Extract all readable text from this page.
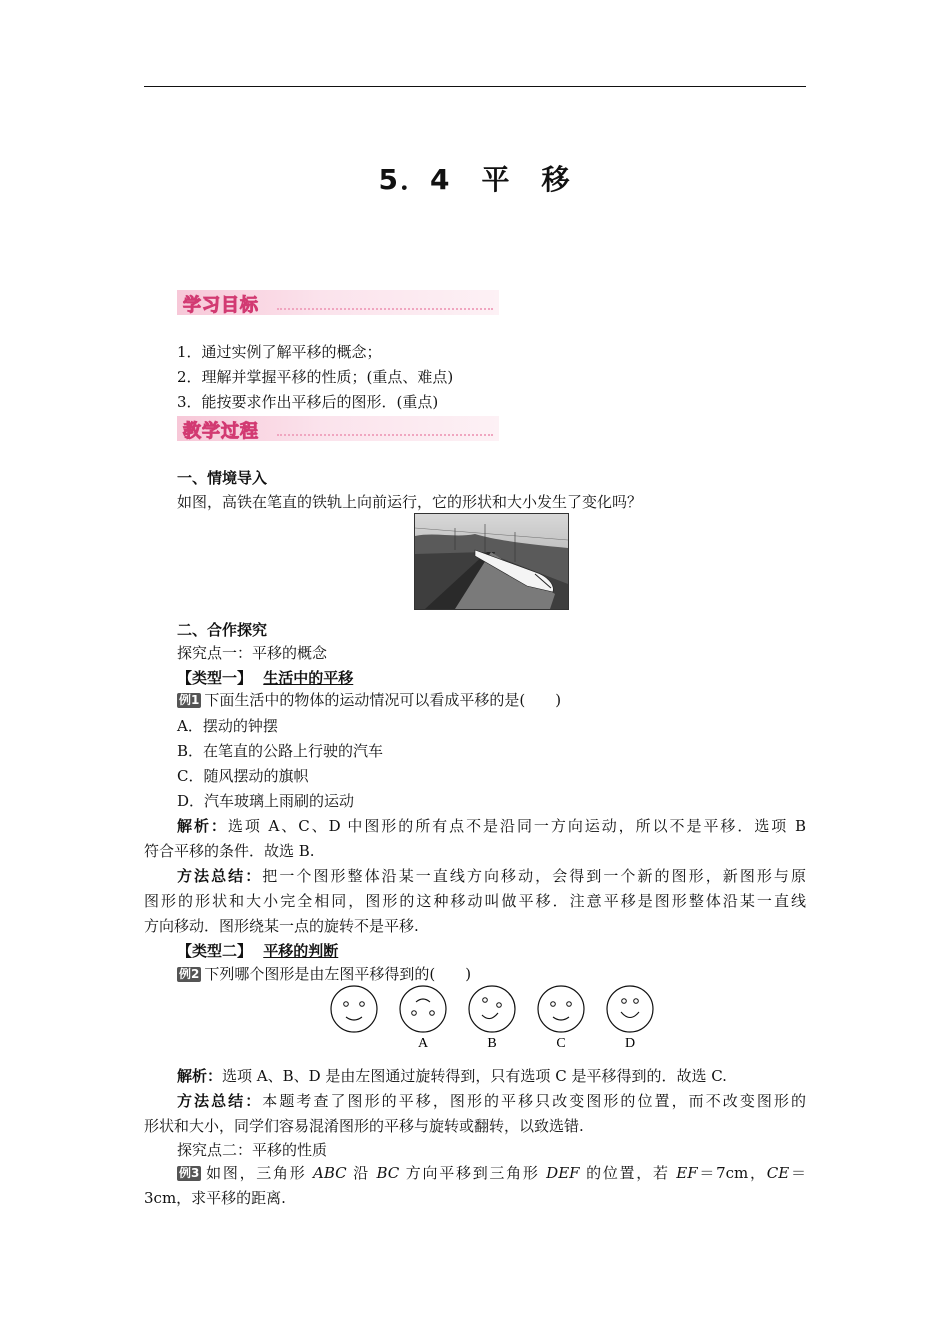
5．4　平　移
学习目标
1．通过实例了解平移的概念；
2．理解并掌握平移的性质；(重点、难点)
3．能按要求作出平移后的图形．(重点)
教学过程
一、情境导入
如图，高铁在笔直的铁轨上向前运行，它的形状和大小发生了变化吗？
二、合作探究
探究点一：平移的概念
【类型一】 生活中的平移
例1 下面生活中的物体的运动情况可以看成平移的是(　　)
A．摆动的钟摆
B．在笔直的公路上行驶的汽车
C．随风摆动的旗帜
D．汽车玻璃上雨刷的运动
解析：选项 A、C、D 中图形的所有点不是沿同一方向运动，所以不是平移．选项 B
符合平移的条件．故选 B.
方法总结：把一个图形整体沿某一直线方向移动，会得到一个新的图形，新图形与原
图形的形状和大小完全相同，图形的这种移动叫做平移．注意平移是图形整体沿某一直线
方向移动．图形绕某一点的旋转不是平移.
【类型二】 平移的判断
例2 下列哪个图形是由左图平移得到的(　　)
A	B	C	D
解析：选项 A、B、D 是由左图通过旋转得到，只有选项 C 是平移得到的．故选 C.
方法总结：本题考查了图形的平移，图形的平移只改变图形的位置，而不改变图形的
形状和大小，同学们容易混淆图形的平移与旋转或翻转，以致选错.
探究点二：平移的性质
例3 如图，三角形 ABC 沿 BC 方向平移到三角形 DEF 的位置，若 EF＝7cm，CE＝
3cm，求平移的距离.
